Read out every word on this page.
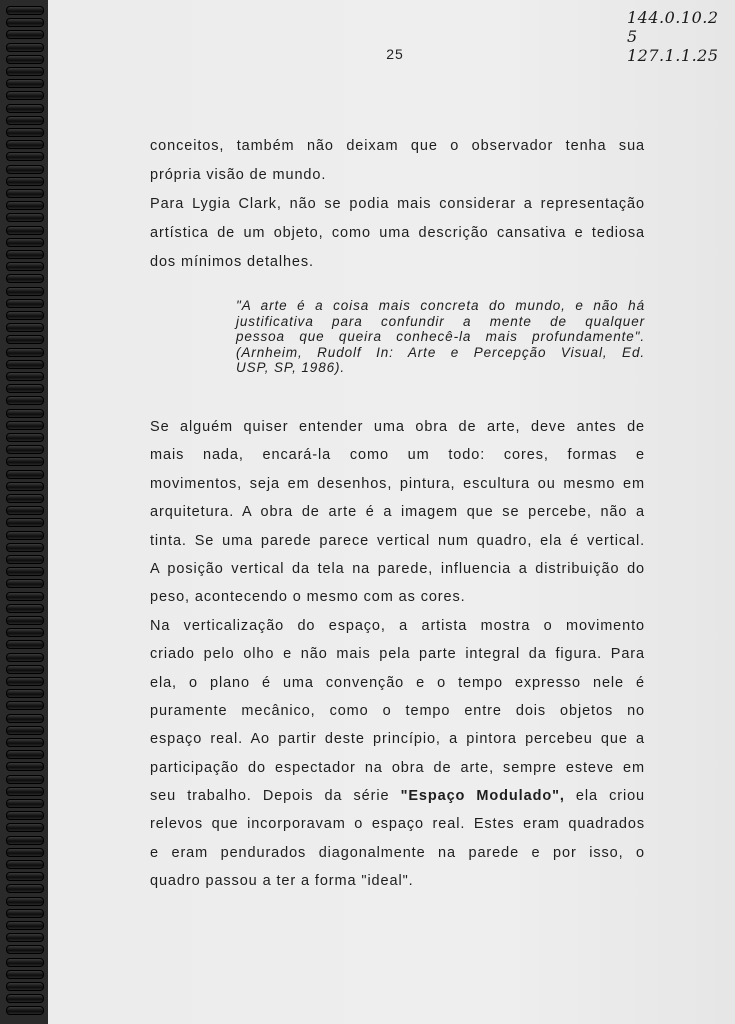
144.0.10.2 5
127.1.1.25
25
conceitos, também não deixam que o observador tenha sua
própria visão de mundo.
Para Lygia Clark, não se podia mais considerar a representação
artística de um objeto, como uma descrição cansativa e tediosa
dos mínimos detalhes.
"A arte é a coisa mais concreta do mundo, e não há
justificativa para confundir a mente de qualquer
pessoa que queira conhecê-la mais profundamente".
(Arnheim, Rudolf In: Arte e Percepção Visual, Ed.
USP, SP, 1986).
Se alguém quiser entender uma obra de arte, deve antes de
mais nada, encará-la como um todo: cores, formas e
movimentos, seja em desenhos, pintura, escultura ou mesmo em
arquitetura. A obra de arte é a imagem que se percebe, não a
tinta. Se uma parede parece vertical num quadro, ela é vertical.
A posição vertical da tela na parede, influencia a distribuição do
peso, acontecendo o mesmo com as cores.
Na verticalização do espaço, a artista mostra o movimento
criado pelo olho e não mais pela parte integral da figura. Para
ela, o plano é uma convenção e o tempo expresso nele é
puramente mecânico, como o tempo entre dois objetos no
espaço real. Ao partir deste princípio, a pintora percebeu que a
participação do espectador na obra de arte, sempre esteve em
seu trabalho. Depois da série "Espaço Modulado", ela criou
relevos que incorporavam o espaço real. Estes eram quadrados
e eram pendurados diagonalmente na parede e por isso, o
quadro passou a ter a forma "ideal".
